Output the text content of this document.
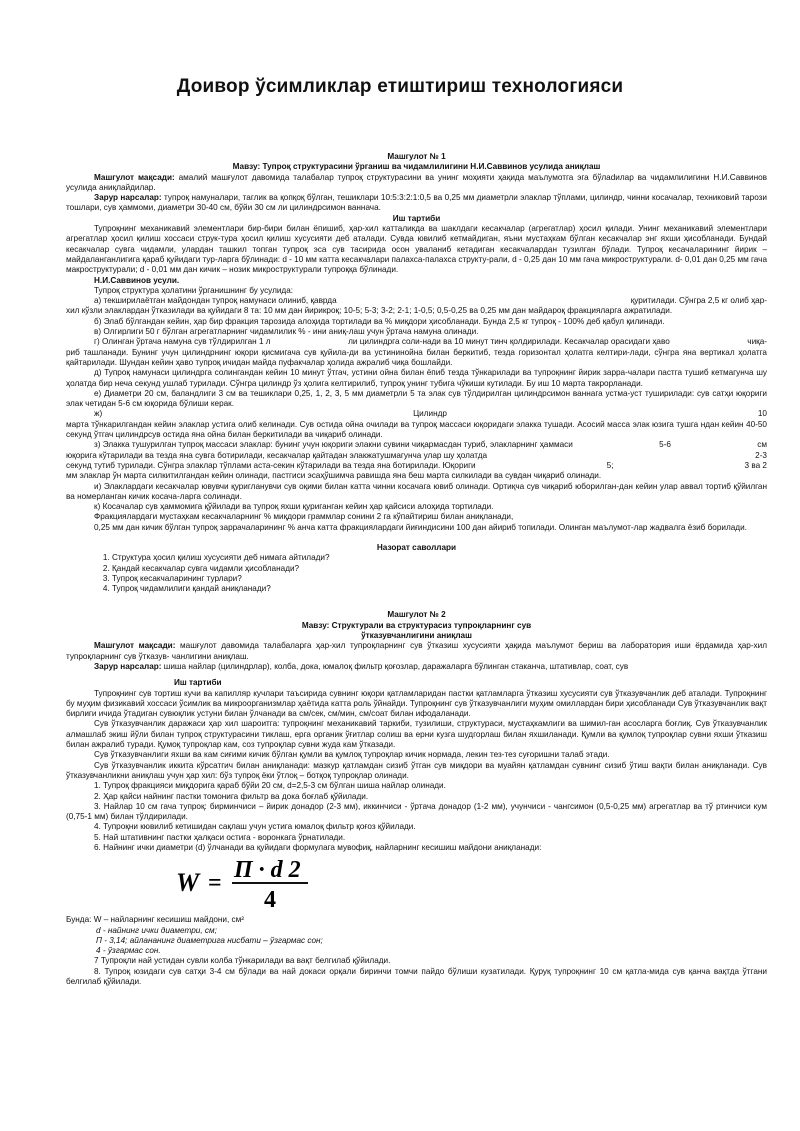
Доивор ўсимликлар етиштириш технологияси

Машгулот № 1

Мавзу: Тупроқ структурасини ўрганиш ва чидамлилигини Н.И.Саввинов усулида аниқлаш

Машгулот мақсади: амалий машғулот давомида талабалар тупроқ структурасини ва унинг моҳияти ҳақида маълумотга эга бўлadилар ва чидамлилигини Н.И.Саввинов усулида аниқлайдилар.

Зарур нарсалар: тупроқ намуналари, таглик ва қопқоқ бўлган, тешиклари 10:5:3:2:1:0,5 ва 0,25 мм диаметрли элаклар тўплами, цилиндр, чинни косачалар, техниковий тарози тошлари, сув ҳаммоми, диаметри 30-40 см, бўйи 30 см ли цилиндрсимон ваннача.

Иш тартиби

Тупроқнинг механикавий элементлари бир-бири билан ёпишиб, ҳар-хил катталикда ва шаклдаги кесакчалар (агрегатлар) ҳосил қилади. Унинг механикавий элементлари агрегатлар ҳосил қилиш хоссаси струк-тура ҳосил қилиш хусусияти деб аталади. Сувда ювилиб кетмайдиган, яъни мустаҳкам бўлган кесакчалар энг яхши ҳисобланади. Бундай кесакчалар сувга чидамли, улардан ташкил топган тупроқ эса сув тасирида осон уваланиб кетадиган кесакчалардан тузилган бўлади. Тупроқ кесачаларининг йирик – майдаланганлигига қараб қуйидаги тур-ларга бўлинади: d - 10 мм катта кесакчалари палахса-палахса структу-рали, d - 0,25 дан 10 мм гача микроструктурали. d- 0,01 дан 0,25 мм гача макроструктурали; d - 0,01 мм дан кичик – нозик микроструктурали тупроққа бўлинади.

Н.И.Саввинов усули.

Тупроқ структура ҳолатини ўрганишнинг бу усулида:

а) текширилаётган майдондан тупроқ намунаси олиниб, қаврда	қуритилади. Сўнгра 2,5 кг олиб ҳар-

хил кўзли элаклардан ўтказилади ва қуйидаги 8 та: 10 мм дан йирикроқ; 10-5; 5-3; 3-2; 2-1; 1-0,5; 0,5-0,25 ва 0,25 мм дан майдароқ фракцияларга ажратилади.

б) Элаб бўлгандан кейин, ҳар бир фракция тарозида алоҳида тортилади ва % миқдори ҳисобланади. Бунда 2,5 кг тупроқ - 100% деб қабул қилинади.

в) Олгирлиги 50 г бўлган агрегатларнинг чидамлилик % - ини аниқ-лаш учун ўртача намуна олинади.

г) Олинган ўртача намуна сув тўлдирилган 1 л	ли цилиндрга соли-нади ва 10 минут тинч қолдирилади. Кесакчалар орасидаги ҳаво	чиқа-

риб ташланади. Бунинг учун цилиндрнинг юқори қисмигача сув қуйила-ди ва устининойна билан беркитиб, тезда горизонтал ҳолатга келтири-лади, сўнгра яна вертикал ҳолатга қайтарилади. Шундан кейин ҳаво тупроқ ичидан майда пуфакчалар ҳолида ажралиб чиқа бошлайди.

д) Тупроқ намунаси цилиндрга солингандан кейин 10 минут ўтгач, устини ойна билан ёпиб тезда тўнкарилади ва тупроқнинг йирик зарра-чалари пастга тушиб кетмагунча шу ҳолатда бир неча секунд ушлаб турилади. Сўнгра цилиндр ўз ҳолига келтирилиб, тупроқ унинг тубига чўкиши кутилади. Бу иш 10 марта такрорланади.

е) Диаметри 20 см, баландлиги 3 см ва тешиклари 0,25, 1, 2, 3, 5 мм диаметрли 5 та элак сув тўлдирилган цилиндрсимон ваннага устма-уст туширилади: сув сатҳи юқориги элак четидан 5-6 см юқорида бўлиши керак.

ж)	Цилиндр	10

марта тўнкарилгандан кейин элаклар устига олиб келинади. Сув остида ойна очилади ва тупроқ массаси юқоридаги элакка тушади. Асосий масса элак юзига тушга ндан кейин 40-50 секунд ўтгач цилиндрсув остида яна ойна билан беркитилади ва чиқариб олинади.

з) Элакка тушурилган тупроқ массаси элаклар: бунинг учун юқориги элакни сувини чиқармасдан туриб, элакларнинг ҳаммаси	5-6	см

юқорига кўтарилади ва тезда яна сувга ботирилади, кесакчалар қайтадан элакжатушмагунча улар шу ҳолатда	2-3

секунд тутиб турилади. Сўнгра элаклар тўплами аста-секин кўтарилади ва тезда яна ботирилади. Юқориги	5;	3 ва 2

мм элаклар ўн марта силкитилгандан кейин олинади, пастгиси эсаҳўшимча равишда яна беш марта силкилади ва сувдан чиқариб олинади.

и) Элаклардаги кесакчалар ювувчи қуригланувчи сув оқими билан катта чинни косачага ювиб олинади. Ортиқча сув чиқариб юборилган-дан кейин улар аввал тортиб қўйилган ва номерланган кичик косача-ларга солинади.

к) Косачалар сув ҳаммомига қўйилади ва тупроқ яхши қуриганган кейин ҳар қайсиси алоҳида тортилади.

Фракциялардаги мустаҳкам кесакчаларнинг % миқдори граммлар сонини 2 га кўпайтириш билан аниқланади,

0,25 мм дан кичик бўлган тупроқ заррачаларининг % анча катта фракциялардаги йиғиндисини 100 дан айириб топилади. Олинган маълумот-лар жадвалга ёзиб борилади.

Назорат саволлари

1. Структура ҳосил қилиш хусусияти деб нимага айтилади?
2. Қандай кесакчалар сувга чидамли ҳисобланади?
3. Тупроқ кесакчаларининг турлари?
4. Тупроқ чидамлилиги қандай аниқланади?

Машгулот № 2

Мавзу: Структурали ва структурасиз тупроқларнинг сув

ўтказувчанлигини аниқлаш

Машгулот мақсади: машғулот давомида талабаларга ҳар-хил тупроқларнинг сув ўтказиш хусусияти ҳақида маълумот бериш ва лаборатория иши ёрдамида ҳар-хил тупроқларнинг сув ўтказув- чанлигини аниқлаш.

Зарур нарсалар: шиша найлар (цилиндрлар), колба, дока, юмалоқ фильтр қоғозлар, даражаларга бўлинган стаканча, штативлар, соат, сув

Иш тартиби

Тупроқнинг сув тортиш кучи ва капилляр кучлари таъсирида сувнинг юқори қатламларидан пастки қатламларга ўтказиш хусусияти сув ўтказувчанлик деб аталади. Тупроқнинг бу муҳим физикавий хоссаси ўсимлик ва микроорганизмлар ҳаётида катта роль ўйнайди. Тупроқнинг сув ўтказувчанлиги муҳим омиллардан бири ҳисобланади Сув ўтказувчанлик вақт бирлиги ичида ўтадиган сувюқлик устуни билан ўлчанади ва см/сек, см/мин, см/соат билан ифодаланади.

Сув ўтказувчанлик даражаси ҳар хил шароитга: тупроқнинг механикавий таркиби, тузилиши, структураси, мустаҳкамлиги ва шимил-ган асосларга боғлиқ. Сув ўтказувчанлик алмашлаб экиш йўли билан тупроқ структурасини тиклаш, ерга органик ўғитлар солиш ва ерни кузга шудгорлаш билан яхшиланади. Қумли ва қумлоқ тупроқлар сувни яхши ўтказиш билан ажралиб туради. Қумоқ тупроқлар кам, соз тупроқлар сувни жуда кам ўтказади.

Сув ўтказувчанлиги яхши ва кам сиғими кичик бўлган қумли ва қумлоқ тупроқлар кичик нормада, лекин тез-тез суғоришни талаб этади.

Сув ўтказувчанлик иккита кўрсатгич билан аниқланади: мазкур қатламдан сизиб ўтган сув миқдори ва муайян қатламдан сувнинг сизиб ўтиш вақти билан аниқланади. Сув ўтказувчанликни аниқлаш учун ҳар хил: бўз тупроқ ёки ўтлоқ – ботқоқ тупроқлар олинади.

1. Тупроқ фракцияси миқдорига қараб бўйи 20 см, d=2,5-3 см бўлган шиша найлар олинади.

2. Ҳар қайси найнинг пастки томонига фильтр ва дока боғлаб қўйилади.

3. Найлар 10 см гача тупроқ: бирминчиси – йирик донадор (2-3 мм), иккинчиси - ўртача донадор (1-2 мм), учунчиси - чангсимон (0,5-0,25 мм) агрегатлар ва тў ртинчиси кум (0,75-1 мм) билан тўлдирилади.

4. Тупроқни кювилиб кетишидан сақлаш учун устига юмалоқ фильтр қоғоз қўйилади.

5. Най штативнинг пастки ҳалқаси остига - воронкага ўрнатилади.

6. Найнинг ички диаметри (d) ўлчанади ва қуйидаги формулага мувофиқ, найларнинг кесишиш майдони аниқланади:

W = П · d 2
4

Бунда: W – найларнинг кесишиш майдони, см²

d - найнинг ички диаметри, см;

П - 3,14; айлананинг диаметрига нисбати – ўзгармас сон;

4 - ўзгармас сон.

7 Тупроқли най устидан сувли колба тўнкарилади ва вақт белгилаб қўйилади.

8. Тупроқ юзидаги сув сатҳи 3-4 см бўлади ва най докаси орқали биринчи томчи пайдо бўлиши кузатилади. Қуруқ тупроқнинг 10 см қатла-мида сув қанча вақтда ўтгани белгилаб қўйилади.
